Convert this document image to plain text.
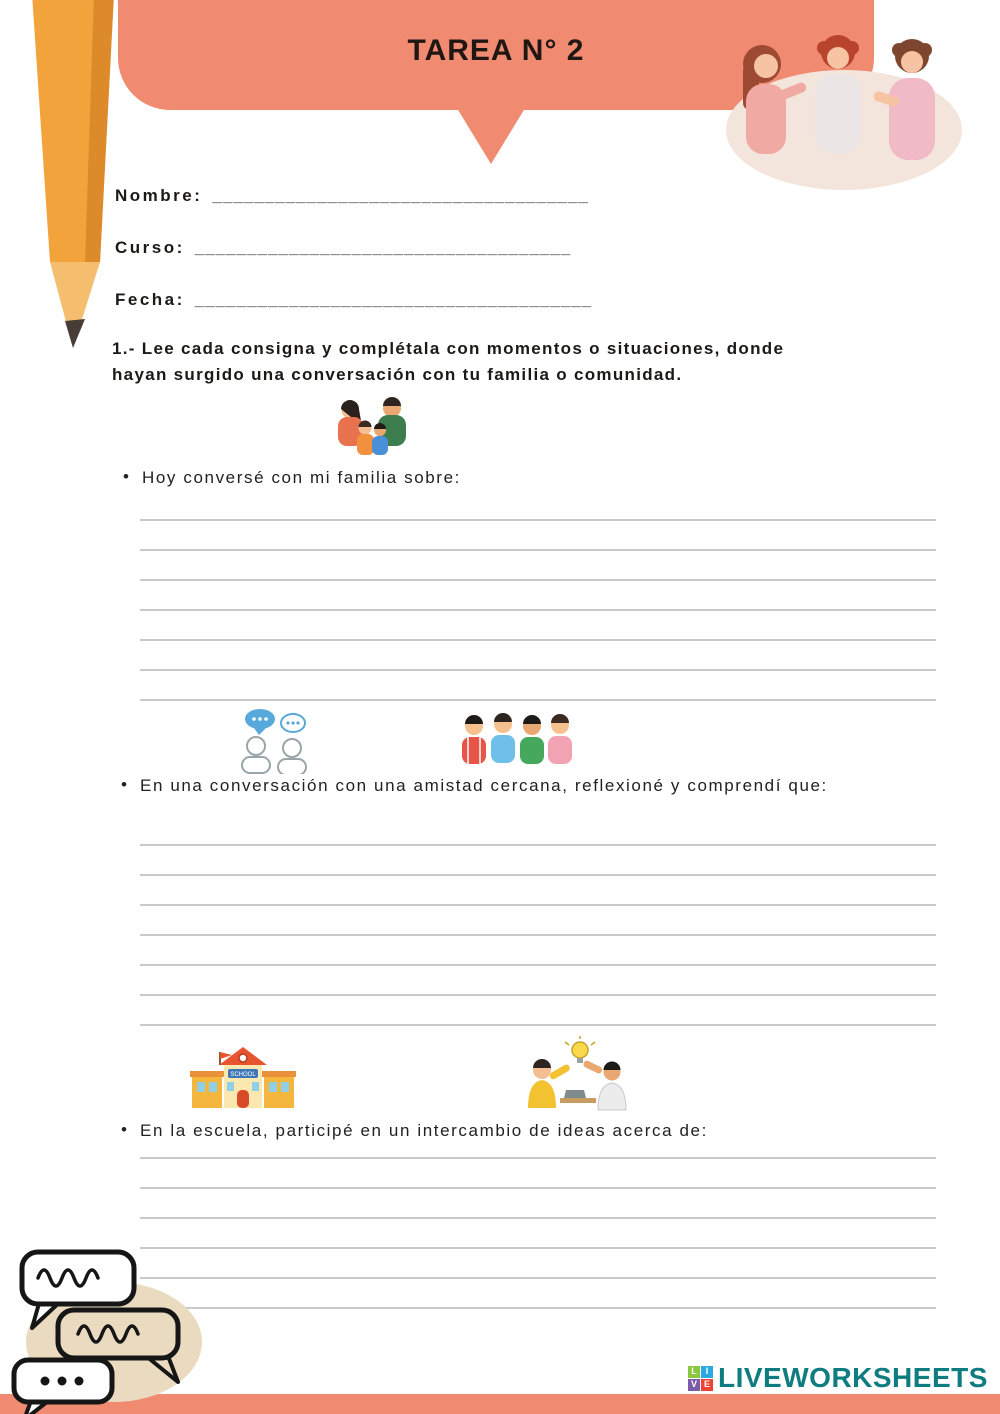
TAREA N° 2
Nombre: ____________________________________
Curso: ____________________________________
Fecha: ______________________________________
1.- Lee cada consigna y complétala con momentos o situaciones, donde
hayan surgido una conversación con tu familia o comunidad.
• Hoy conversé con mi familia sobre:
• En una conversación con una amistad cercana, reflexioné y comprendí que:
SCHOOL
• En la escuela, participé en un intercambio de ideas acerca de:
L I
V E LIVEWORKSHEETS
